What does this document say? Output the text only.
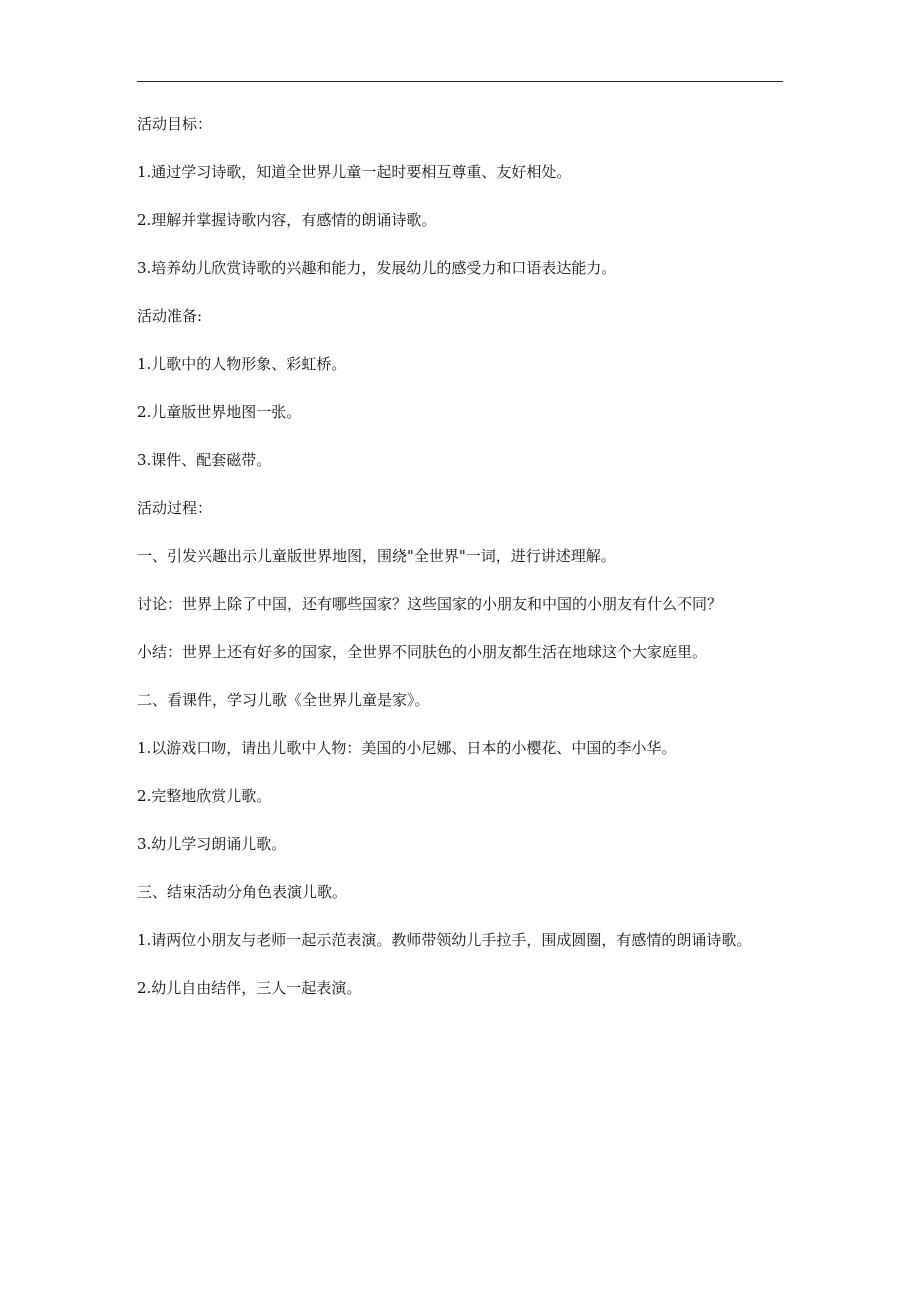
活动目标：

1.通过学习诗歌，知道全世界儿童一起时要相互尊重、友好相处。

2.理解并掌握诗歌内容，有感情的朗诵诗歌。

3.培养幼儿欣赏诗歌的兴趣和能力，发展幼儿的感受力和口语表达能力。

活动准备:

1.儿歌中的人物形象、彩虹桥。

2.儿童版世界地图一张。

3.课件、配套磁带。

活动过程：

一、引发兴趣出示儿童版世界地图，围绕"全世界"一词，进行讲述理解。

讨论：世界上除了中国，还有哪些国家？这些国家的小朋友和中国的小朋友有什么不同？

小结：世界上还有好多的国家，全世界不同肤色的小朋友都生活在地球这个大家庭里。

二、看课件，学习儿歌《全世界儿童是家》。

1.以游戏口吻，请出儿歌中人物：美国的小尼娜、日本的小樱花、中国的李小华。

2.完整地欣赏儿歌。

3.幼儿学习朗诵儿歌。

三、结束活动分角色表演儿歌。

1.请两位小朋友与老师一起示范表演。教师带领幼儿手拉手，围成圆圈，有感情的朗诵诗歌。

2.幼儿自由结伴，三人一起表演。
